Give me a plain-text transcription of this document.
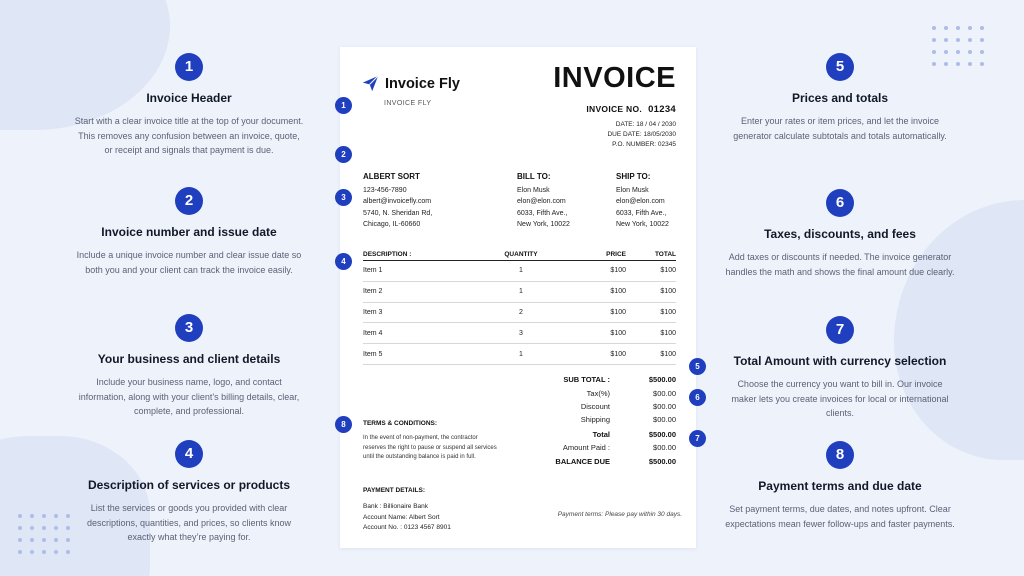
1
Invoice Header
Start with a clear invoice title at the top of your document. This removes any confusion between an invoice, quote, or receipt and signals that payment is due.
2
Invoice number and issue date
Include a unique invoice number and clear issue date so both you and your client can track the invoice easily.
3
Your business and client details
Include your business name, logo, and contact information, along with your client’s billing details, clear, complete, and professional.
4
Description of services or products
List the services or goods you provided with clear descriptions, quantities, and prices, so clients know exactly what they’re paying for.
5
Prices and totals
Enter your rates or item prices, and let the invoice generator calculate subtotals and totals automatically.
6
Taxes, discounts, and fees
Add taxes or discounts if needed. The invoice generator handles the math and shows the final amount due clearly.
7
Total Amount with currency selection
Choose the currency you want to bill in. Our invoice maker lets you create invoices for local or international clients.
8
Payment terms and due date
Set payment terms, due dates, and notes upfront. Clear expectations mean fewer follow-ups and faster payments.
Invoice Fly
INVOICE FLY
INVOICE
INVOICE NO. 01234
DATE: 18 / 04 / 2030
DUE DATE: 18/05/2030
P.O. NUMBER: 02345
ALBERT SORT
123-456-7890
albert@invoicefly.com
5740, N. Sheridan Rd,
Chicago, IL-60660
BILL TO:
Elon Musk
elon@elon.com
6033, Fifth Ave.,
New York, 10022
SHIP TO:
Elon Musk
elon@elon.com
6033, Fifth Ave.,
New York, 10022
DESCRIPTION :	QUANTITY	PRICE	TOTAL
Item 1	1	$100	$100
Item 2	1	$100	$100
Item 3	2	$100	$100
Item 4	3	$100	$100
Item 5	1	$100	$100
SUB TOTAL :	$500.00
Tax(%)	$00.00
Discount	$00.00
Shipping	$00.00
Total	$500.00
Amount Paid :	$00.00
BALANCE DUE	$500.00
TERMS & CONDITIONS:
In the event of non-payment, the contractor reserves the right to pause or suspend all services until the outstanding balance is paid in full.
PAYMENT DETAILS:
Bank : Billionaire Bank
Account Name: Albert Sort
Account No. : 0123 4567 8901
Payment terms: Please pay within 30 days.
1
2
3
4
5
6
7
8
